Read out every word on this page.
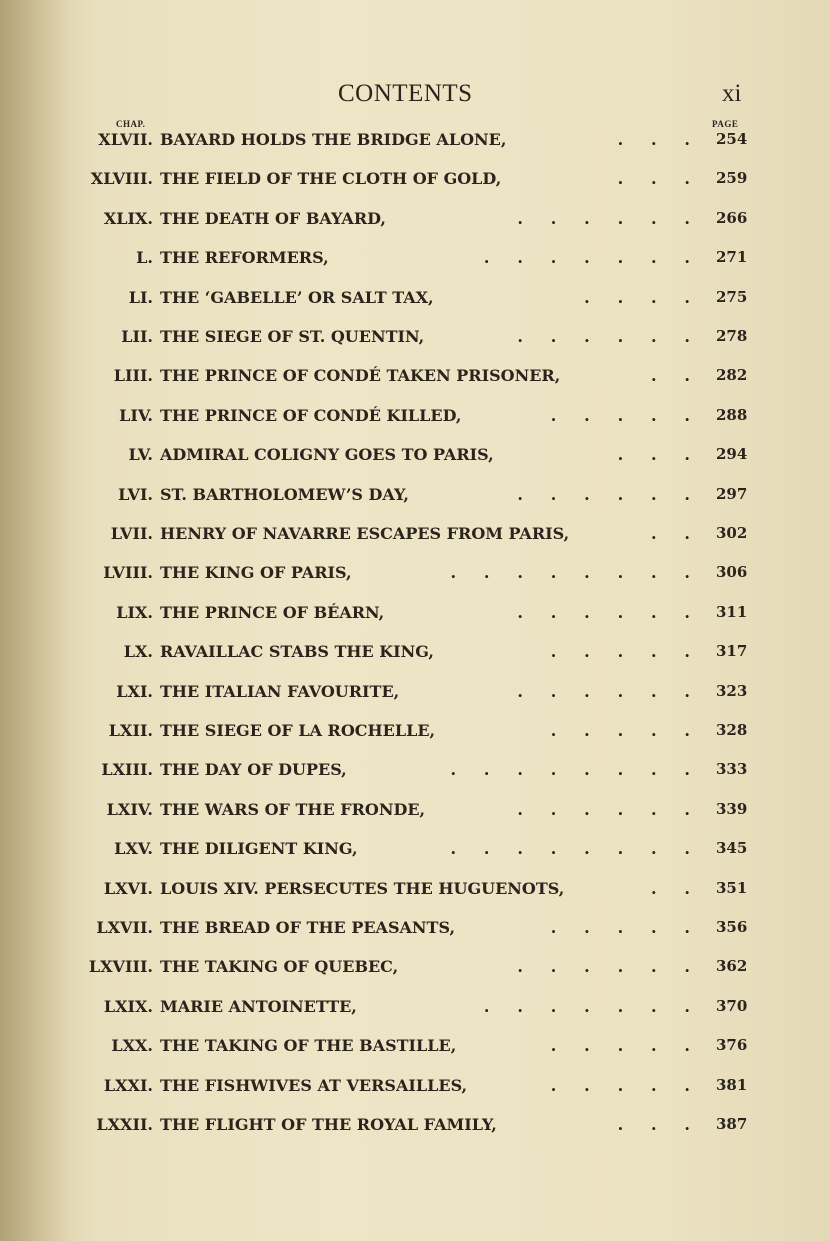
CONTENTS	xi
CHAP.	PAGE
XLVII. BAYARD HOLDS THE BRIDGE ALONE,	.     .     . 254
XLVIII. THE FIELD OF THE CLOTH OF GOLD,	.     .     . 259
XLIX. THE DEATH OF BAYARD,	.     .     .     .     .     . 266
L. THE REFORMERS,	.     .     .     .     .     .     . 271
LI. THE ‘GABELLE’ OR SALT TAX,	.     .     .     . 275
LII. THE SIEGE OF ST. QUENTIN,	.     .     .     .     .     . 278
LIII. THE PRINCE OF CONDÉ TAKEN PRISONER,	.     . 282
LIV. THE PRINCE OF CONDÉ KILLED,	.     .     .     .     . 288
LV. ADMIRAL COLIGNY GOES TO PARIS,	.     .     . 294
LVI. ST. BARTHOLOMEW’S DAY,	.     .     .     .     .     . 297
LVII. HENRY OF NAVARRE ESCAPES FROM PARIS,	.     . 302
LVIII. THE KING OF PARIS,	.     .     .     .     .     .     .     . 306
LIX. THE PRINCE OF BÉARN,	.     .     .     .     .     . 311
LX. RAVAILLAC STABS THE KING,	.     .     .     .     . 317
LXI. THE ITALIAN FAVOURITE,	.     .     .     .     .     . 323
LXII. THE SIEGE OF LA ROCHELLE,	.     .     .     .     . 328
LXIII. THE DAY OF DUPES,	.     .     .     .     .     .     .     . 333
LXIV. THE WARS OF THE FRONDE,	.     .     .     .     .     . 339
LXV. THE DILIGENT KING,	.     .     .     .     .     .     .     . 345
LXVI. LOUIS XIV. PERSECUTES THE HUGUENOTS,	.     . 351
LXVII. THE BREAD OF THE PEASANTS,	.     .     .     .     . 356
LXVIII. THE TAKING OF QUEBEC,	.     .     .     .     .     . 362
LXIX. MARIE ANTOINETTE,	.     .     .     .     .     .     . 370
LXX. THE TAKING OF THE BASTILLE,	.     .     .     .     . 376
LXXI. THE FISHWIVES AT VERSAILLES,	.     .     .     .     . 381
LXXII. THE FLIGHT OF THE ROYAL FAMILY,	.     .     . 387
